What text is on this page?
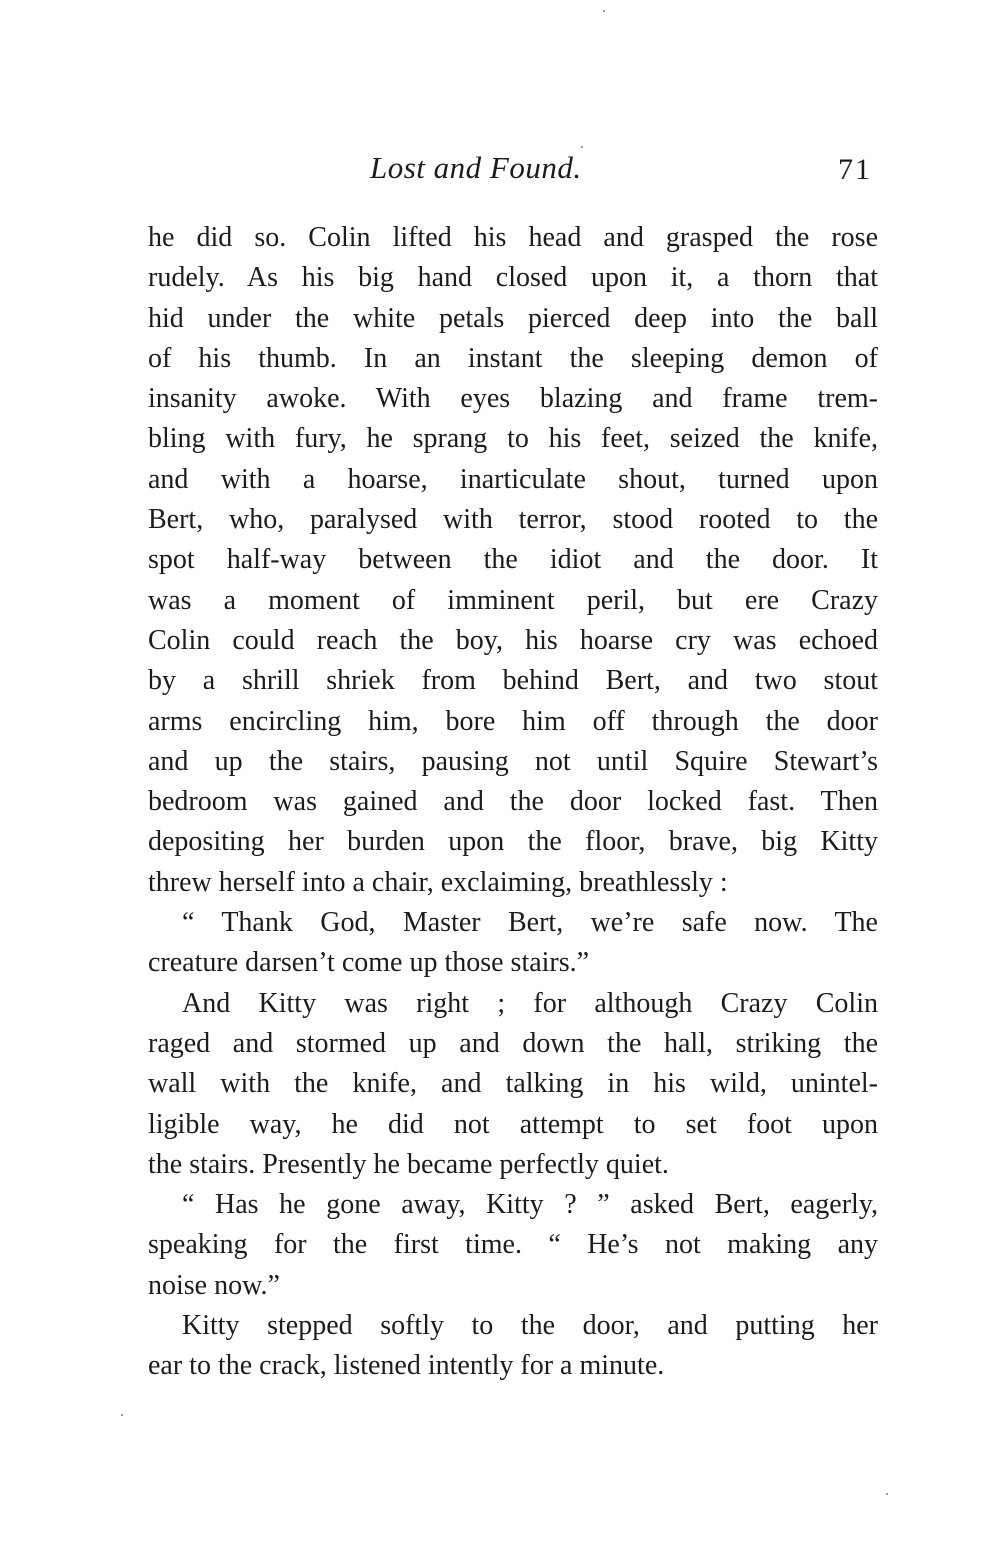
Lost and Found.	71

he did so. Colin lifted his head and grasped the rose
rudely. As his big hand closed upon it, a thorn that
hid under the white petals pierced deep into the ball
of his thumb. In an instant the sleeping demon of
insanity awoke. With eyes blazing and frame trem-
bling with fury, he sprang to his feet, seized the knife,
and with a hoarse, inarticulate shout, turned upon
Bert, who, paralysed with terror, stood rooted to the
spot half-way between the idiot and the door. It
was a moment of imminent peril, but ere Crazy
Colin could reach the boy, his hoarse cry was echoed
by a shrill shriek from behind Bert, and two stout
arms encircling him, bore him off through the door
and up the stairs, pausing not until Squire Stewart’s
bedroom was gained and the door locked fast. Then
depositing her burden upon the floor, brave, big Kitty
threw herself into a chair, exclaiming, breathlessly :

“ Thank God, Master Bert, we’re safe now. The
creature darsen’t come up those stairs.”

And Kitty was right ; for although Crazy Colin
raged and stormed up and down the hall, striking the
wall with the knife, and talking in his wild, unintel-
ligible way, he did not attempt to set foot upon
the stairs. Presently he became perfectly quiet.

“ Has he gone away, Kitty ? ” asked Bert, eagerly,
speaking for the first time. “ He’s not making any
noise now.”

Kitty stepped softly to the door, and putting her
ear to the crack, listened intently for a minute.
